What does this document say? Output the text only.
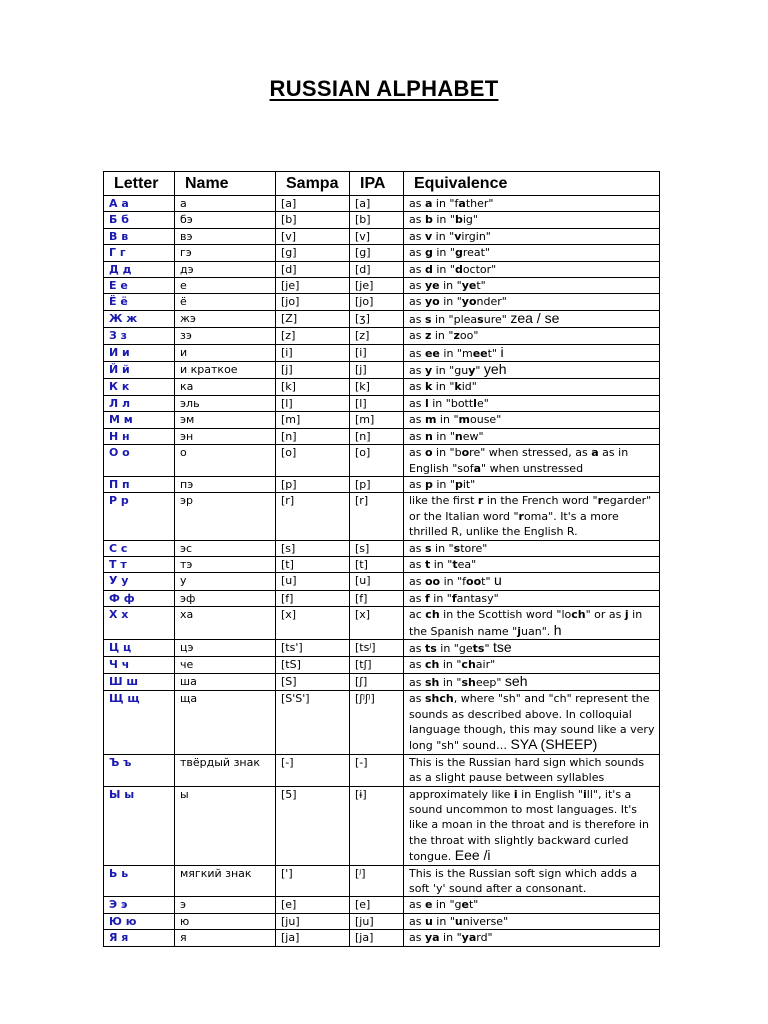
RUSSIAN ALPHABET
Letter	Name	Sampa	IPA	Equivalence
А а	а	[a]	[a]	as a in "father"
Б б	бэ	[b]	[b]	as b in "big"
В в	вэ	[v]	[v]	as v in "virgin"
Г г	гэ	[g]	[g]	as g in "great"
Д д	дэ	[d]	[d]	as d in "doctor"
Е е	е	[je]	[je]	as ye in "yet"
Ё ё	ё	[jo]	[jo]	as yo in "yonder"
Ж ж	жэ	[Z]	[ʒ]	as s in "pleasure" zea / se
З з	зэ	[z]	[z]	as z in "zoo"
И и	и	[i]	[i]	as ee in "meet" i
Й й	и краткое	[j]	[j]	as y in "guy" yeh
К к	ка	[k]	[k]	as k in "kid"
Л л	эль	[l]	[l]	as l in "bottle"
М м	эм	[m]	[m]	as m in "mouse"
Н н	эн	[n]	[n]	as n in "new"
О о	о	[o]	[o]	as o in "bore" when stressed, as a as in English "sofa" when unstressed
П п	пэ	[p]	[p]	as p in "pit"
Р р	эр	[r]	[r]	like the first r in the French word "regarder" or the Italian word "roma". It's a more thrilled R, unlike the English R.
С с	эс	[s]	[s]	as s in "store"
Т т	тэ	[t]	[t]	as t in "tea"
У у	у	[u]	[u]	as oo in "foot" u
Ф ф	эф	[f]	[f]	as f in "fantasy"
Х х	ха	[x]	[x]	ac ch in the Scottish word "loch" or as j in the Spanish name "juan". h
Ц ц	цэ	[ts']	[tsʲ]	as ts in "gets" tse
Ч ч	че	[tS]	[tʃ]	as ch in "chair"
Ш ш	ша	[S]	[ʃ]	as sh in "sheep" seh
Щ щ	ща	[S'S']	[ʃʲʃʲ]	as shch, where "sh" and "ch" represent the sounds as described above. In colloquial language though, this may sound like a very long "sh" sound… SYA (SHEEP)
Ъ ъ	твёрдый знак	[-]	[-]	This is the Russian hard sign which sounds as a slight pause between syllables
Ы ы	ы	[5]	[ɨ]	approximately like i in English "ill", it's a sound uncommon to most languages. It's like a moan in the throat and is therefore in the throat with slightly backward curled tongue. Eee /i
Ь ь	мягкий знак	[']	[ʲ]	This is the Russian soft sign which adds a soft 'y' sound after a consonant.
Э э	э	[e]	[e]	as e in "get"
Ю ю	ю	[ju]	[ju]	as u in "universe"
Я я	я	[ja]	[ja]	as ya in "yard"
